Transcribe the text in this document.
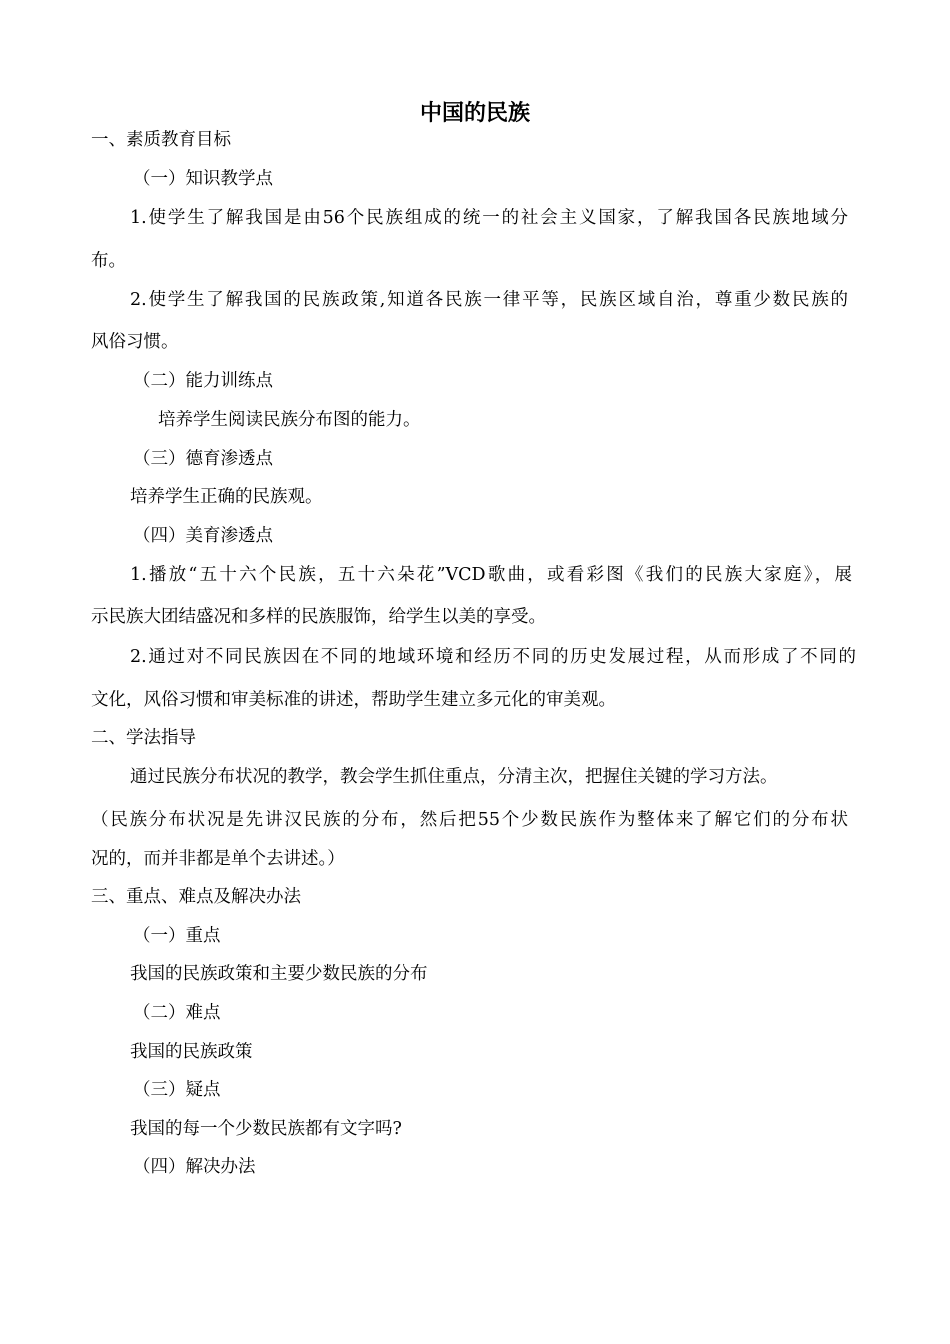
中国的民族
一、素质教育目标
（一）知识教学点
1.使学生了解我国是由56个民族组成的统一的社会主义国家，了解我国各民族地域分
布。
2.使学生了解我国的民族政策,知道各民族一律平等，民族区域自治，尊重少数民族的
风俗习惯。
（二）能力训练点
培养学生阅读民族分布图的能力。
（三）德育渗透点
培养学生正确的民族观。
（四）美育渗透点
1.播放“五十六个民族，五十六朵花”VCD歌曲，或看彩图《我们的民族大家庭》，展
示民族大团结盛况和多样的民族服饰，给学生以美的享受。
2.通过对不同民族因在不同的地域环境和经历不同的历史发展过程，从而形成了不同的
文化，风俗习惯和审美标准的讲述，帮助学生建立多元化的审美观。
二、学法指导
通过民族分布状况的教学，教会学生抓住重点，分清主次，把握住关键的学习方法。
（民族分布状况是先讲汉民族的分布，然后把55个少数民族作为整体来了解它们的分布状
况的，而并非都是单个去讲述。）
三、重点、难点及解决办法
（一）重点
我国的民族政策和主要少数民族的分布
（二）难点
我国的民族政策
（三）疑点
我国的每一个少数民族都有文字吗?
（四）解决办法
